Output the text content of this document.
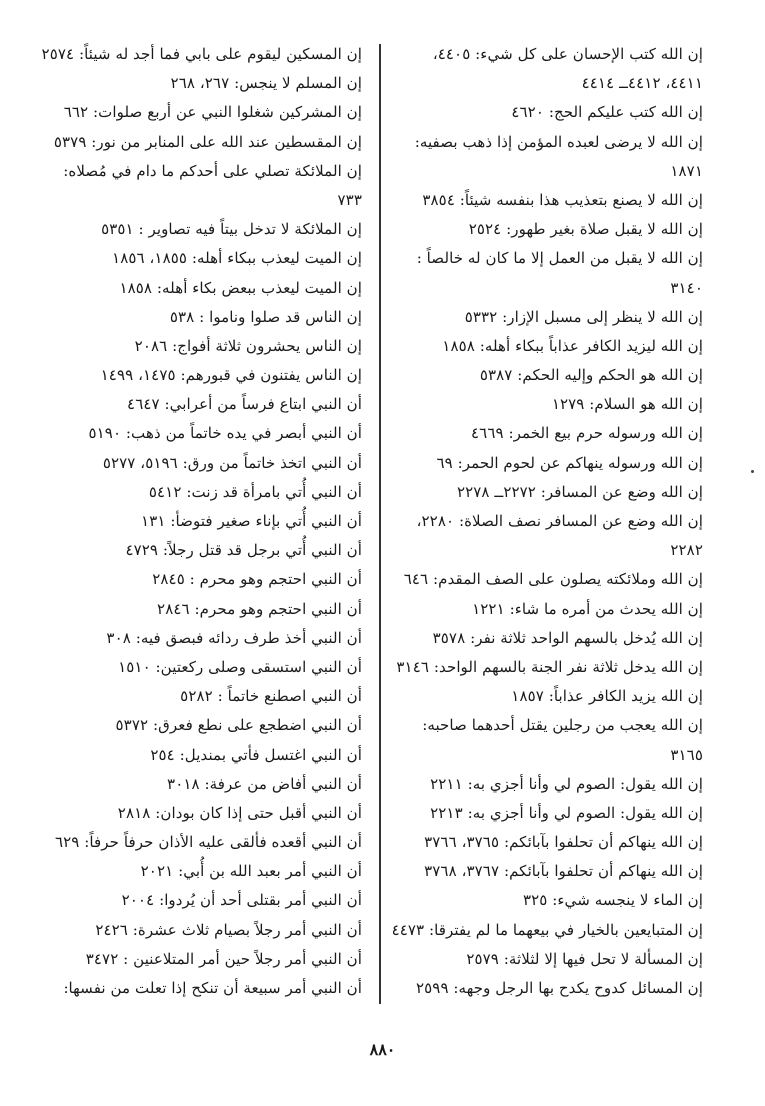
إن الله كتب الإحسان على كل شيء: ٤٤٠٥،
٤٤١١، ٤٤١٢ــ ٤٤١٤
إن الله كتب عليكم الحج: ٤٦٢٠
إن الله لا يرضى لعبده المؤمن إذا ذهب بصفيه:
١٨٧١
إن الله لا يصنع بتعذيب هذا بنفسه شيئاً: ٣٨٥٤
إن الله لا يقبل صلاة بغير طهور: ٢٥٢٤
إن الله لا يقبل من العمل إلا ما كان له خالصاً :
٣١٤٠
إن الله لا ينظر إلى مسبل الإزار: ٥٣٣٢
إن الله ليزيد الكافر عذاباً ببكاء أهله: ١٨٥٨
إن الله هو الحكم وإليه الحكم: ٥٣٨٧
إن الله هو السلام: ١٢٧٩
إن الله ورسوله حرم بيع الخمر: ٤٦٦٩
إن الله ورسوله ينهاكم عن لحوم الحمر: ٦٩
إن الله وضع عن المسافر: ٢٢٧٢ــ ٢٢٧٨
إن الله وضع عن المسافر نصف الصلاة: ٢٢٨٠،
٢٢٨٢
إن الله وملائكته يصلون على الصف المقدم: ٦٤٦
إن الله يحدث من أمره ما شاء: ١٢٢١
إن الله يُدخل بالسهم الواحد ثلاثة نفر: ٣٥٧٨
إن الله يدخل ثلاثة نفر الجنة بالسهم الواحد: ٣١٤٦
إن الله يزيد الكافر عذاباً: ١٨٥٧
إن الله يعجب من رجلين يقتل أحدهما صاحبه:
٣١٦٥
إن الله يقول: الصوم لي وأنا أجزي به: ٢٢١١
إن الله يقول: الصوم لي وأنا أجزي به: ٢٢١٣
إن الله ينهاكم أن تحلفوا بآبائكم: ٣٧٦٥، ٣٧٦٦
إن الله ينهاكم أن تحلفوا بآبائكم: ٣٧٦٧، ٣٧٦٨
إن الماء لا ينجسه شيء: ٣٢٥
إن المتبايعين بالخيار في بيعهما ما لم يفترقا: ٤٤٧٣
إن المسألة لا تحل فيها إلا لثلاثة: ٢٥٧٩
إن المسائل كدوح يكدح بها الرجل وجهه: ٢٥٩٩
إن المسكين ليقوم على بابي فما أجد له شيئاً: ٢٥٧٤
إن المسلم لا ينجس: ٢٦٧، ٢٦٨
إن المشركين شغلوا النبي عن أربع صلوات: ٦٦٢
إن المقسطين عند الله على المنابر من نور: ٥٣٧٩
إن الملائكة تصلي على أحدكم ما دام في مُصلاه:
٧٣٣
إن الملائكة لا تدخل بيتاً فيه تصاوير : ٥٣٥١
إن الميت ليعذب ببكاء أهله: ١٨٥٥، ١٨٥٦
إن الميت ليعذب ببعض بكاء أهله: ١٨٥٨
إن الناس قد صلوا وناموا : ٥٣٨
إن الناس يحشرون ثلاثة أفواج: ٢٠٨٦
إن الناس يفتنون في قبورهم: ١٤٧٥، ١٤٩٩
أن النبي ابتاع فرساً من أعرابي: ٤٦٤٧
أن النبي أبصر في يده خاتماً من ذهب: ٥١٩٠
أن النبي اتخذ خاتماً من ورق: ٥١٩٦، ٥٢٧٧
أن النبي أُتي بامرأة قد زنت: ٥٤١٢
أن النبي أُتي بإناء صغير فتوضأ: ١٣١
أن النبي أُتي برجل قد قتل رجلاً: ٤٧٢٩
أن النبي احتجم وهو محرم : ٢٨٤٥
أن النبي احتجم وهو محرم: ٢٨٤٦
أن النبي أخذ طرف ردائه فبصق فيه: ٣٠٨
أن النبي استسقى وصلى ركعتين: ١٥١٠
أن النبي اصطنع خاتماً : ٥٢٨٢
أن النبي اضطجع على نطع فعرق: ٥٣٧٢
أن النبي اغتسل فأتي بمنديل: ٢٥٤
أن النبي أفاض من عرفة: ٣٠١٨
أن النبي أقبل حتى إذا كان بودان: ٢٨١٨
أن النبي أقعده فألقى عليه الأذان حرفاً حرفاً: ٦٢٩
أن النبي أمر بعبد الله بن أُبي: ٢٠٢١
أن النبي أمر بقتلى أحد أن يُردوا: ٢٠٠٤
أن النبي أمر رجلاً بصيام ثلاث عشرة: ٢٤٢٦
أن النبي أمر رجلاً حين أمر المتلاعنين : ٣٤٧٢
أن النبي أمر سبيعة أن تنكح إذا تعلت من نفسها:
٨٨٠
